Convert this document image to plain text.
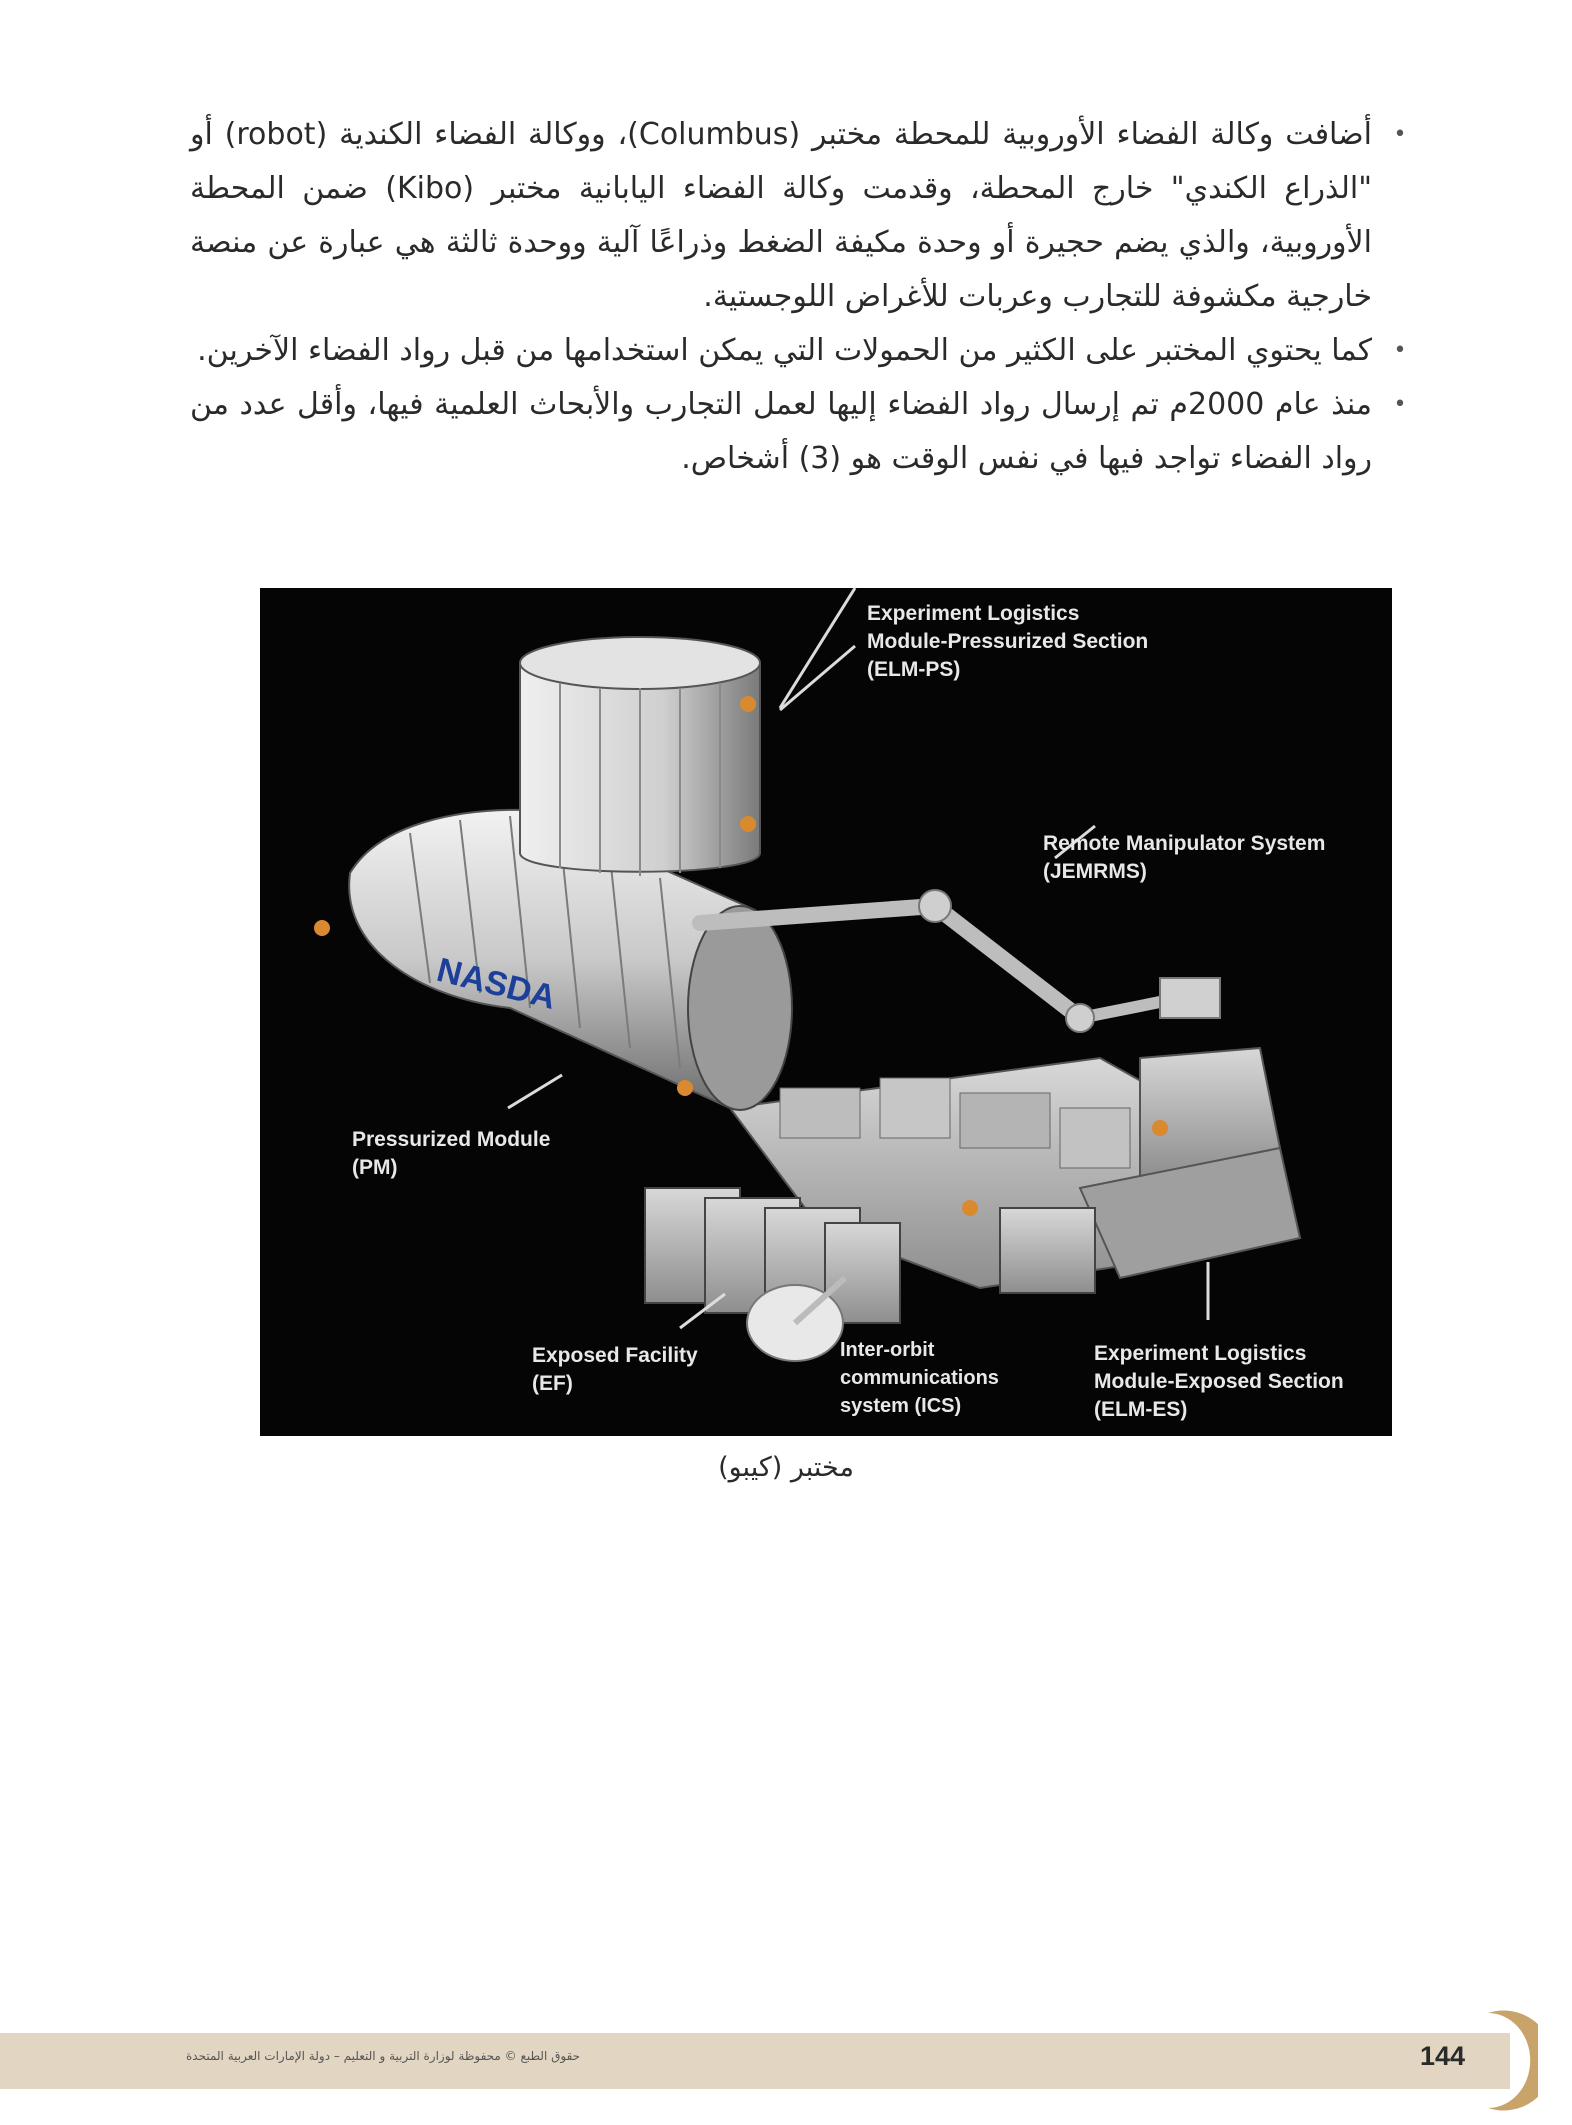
•
أضافت وكالة الفضاء الأوروبية للمحطة مختبر (Columbus)، ووكالة الفضاء الكندية (robot) أو "الذراع الكندي" خارج المحطة، وقدمت وكالة الفضاء اليابانية مختبر (Kibo) ضمن المحطة الأوروبية، والذي يضم حجيرة أو وحدة مكيفة الضغط وذراعًا آلية ووحدة ثالثة هي عبارة عن منصة خارجية مكشوفة للتجارب وعربات للأغراض اللوجستية.
•
كما يحتوي المختبر على الكثير من الحمولات التي يمكن استخدامها من قبل رواد الفضاء الآخرين.
•
منذ عام 2000م تم إرسال رواد الفضاء إليها لعمل التجارب والأبحاث العلمية فيها، وأقل عدد من رواد الفضاء تواجد فيها في نفس الوقت هو (3) أشخاص.
NASDA
Experiment Logistics
Module-Pressurized Section
(ELM-PS)
Remote Manipulator System
(JEMRMS)
Pressurized Module
(PM)
Exposed Facility
(EF)
Inter-orbit
communications
system (ICS)
Experiment Logistics
Module-Exposed Section
(ELM-ES)
مختبر (كيبو)
حقوق الطبع © محفوظة لوزارة التربية و التعليم – دولة الإمارات العربية المتحدة	144
